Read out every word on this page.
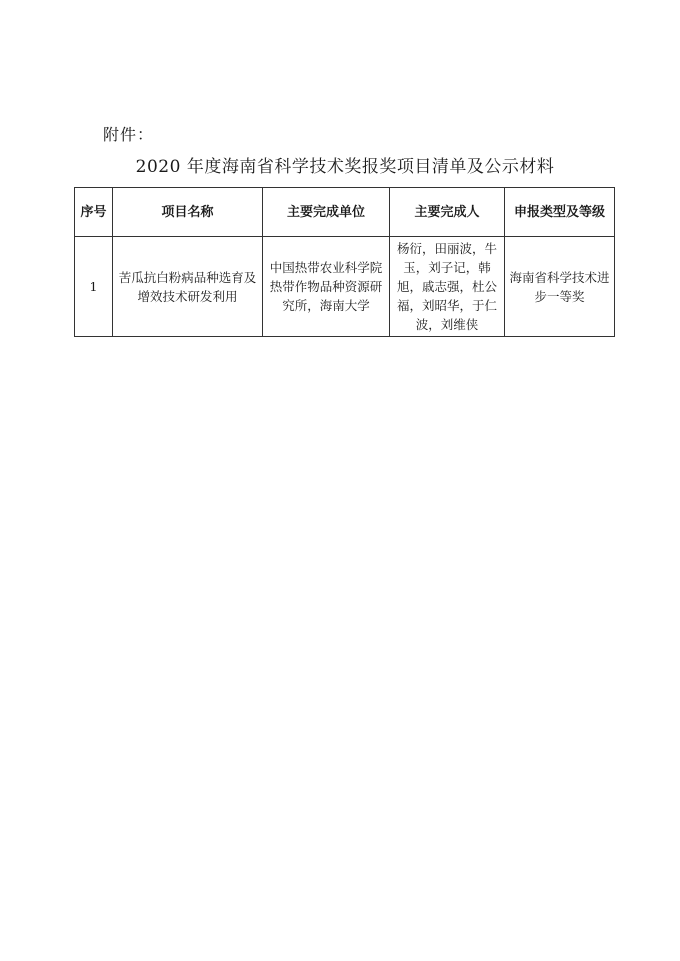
附件：
2020 年度海南省科学技术奖报奖项目清单及公示材料
序号	项目名称	主要完成单位	主要完成人	申报类型及等级
1	苦瓜抗白粉病品种选育及增效技术研发利用	中国热带农业科学院热带作物品种资源研究所，海南大学	杨衍，田丽波，牛玉，刘子记，韩旭，戚志强，杜公福，刘昭华，于仁波，刘维侠	海南省科学技术进步一等奖
